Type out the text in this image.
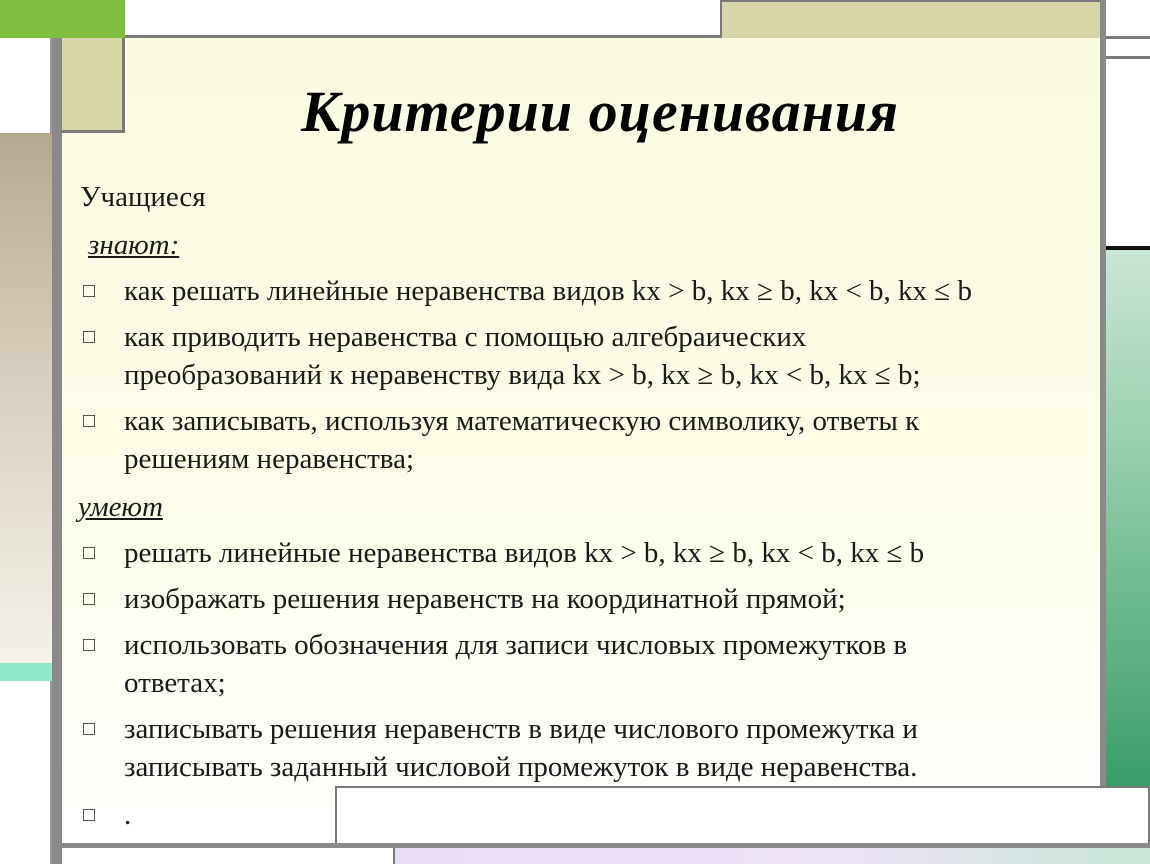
Критерии оценивания
Учащиеся
знают:
□ как решать линейные неравенства видов kx > b, kx ≥ b, kx < b, kx ≤ b
□ как приводить неравенства с помощью алгебраических
преобразований к неравенству вида kx > b, kx ≥ b, kx < b, kx ≤ b;
□ как записывать, используя математическую символику, ответы к
решениям неравенства;
умеют
□ решать линейные неравенства видов kx > b, kx ≥ b, kx < b, kx ≤ b
□ изображать решения неравенств на координатной прямой;
□ использовать обозначения для записи числовых промежутков в
ответах;
□ записывать решения неравенств в виде числового промежутка и
записывать заданный числовой промежуток в виде неравенства.
□ .
